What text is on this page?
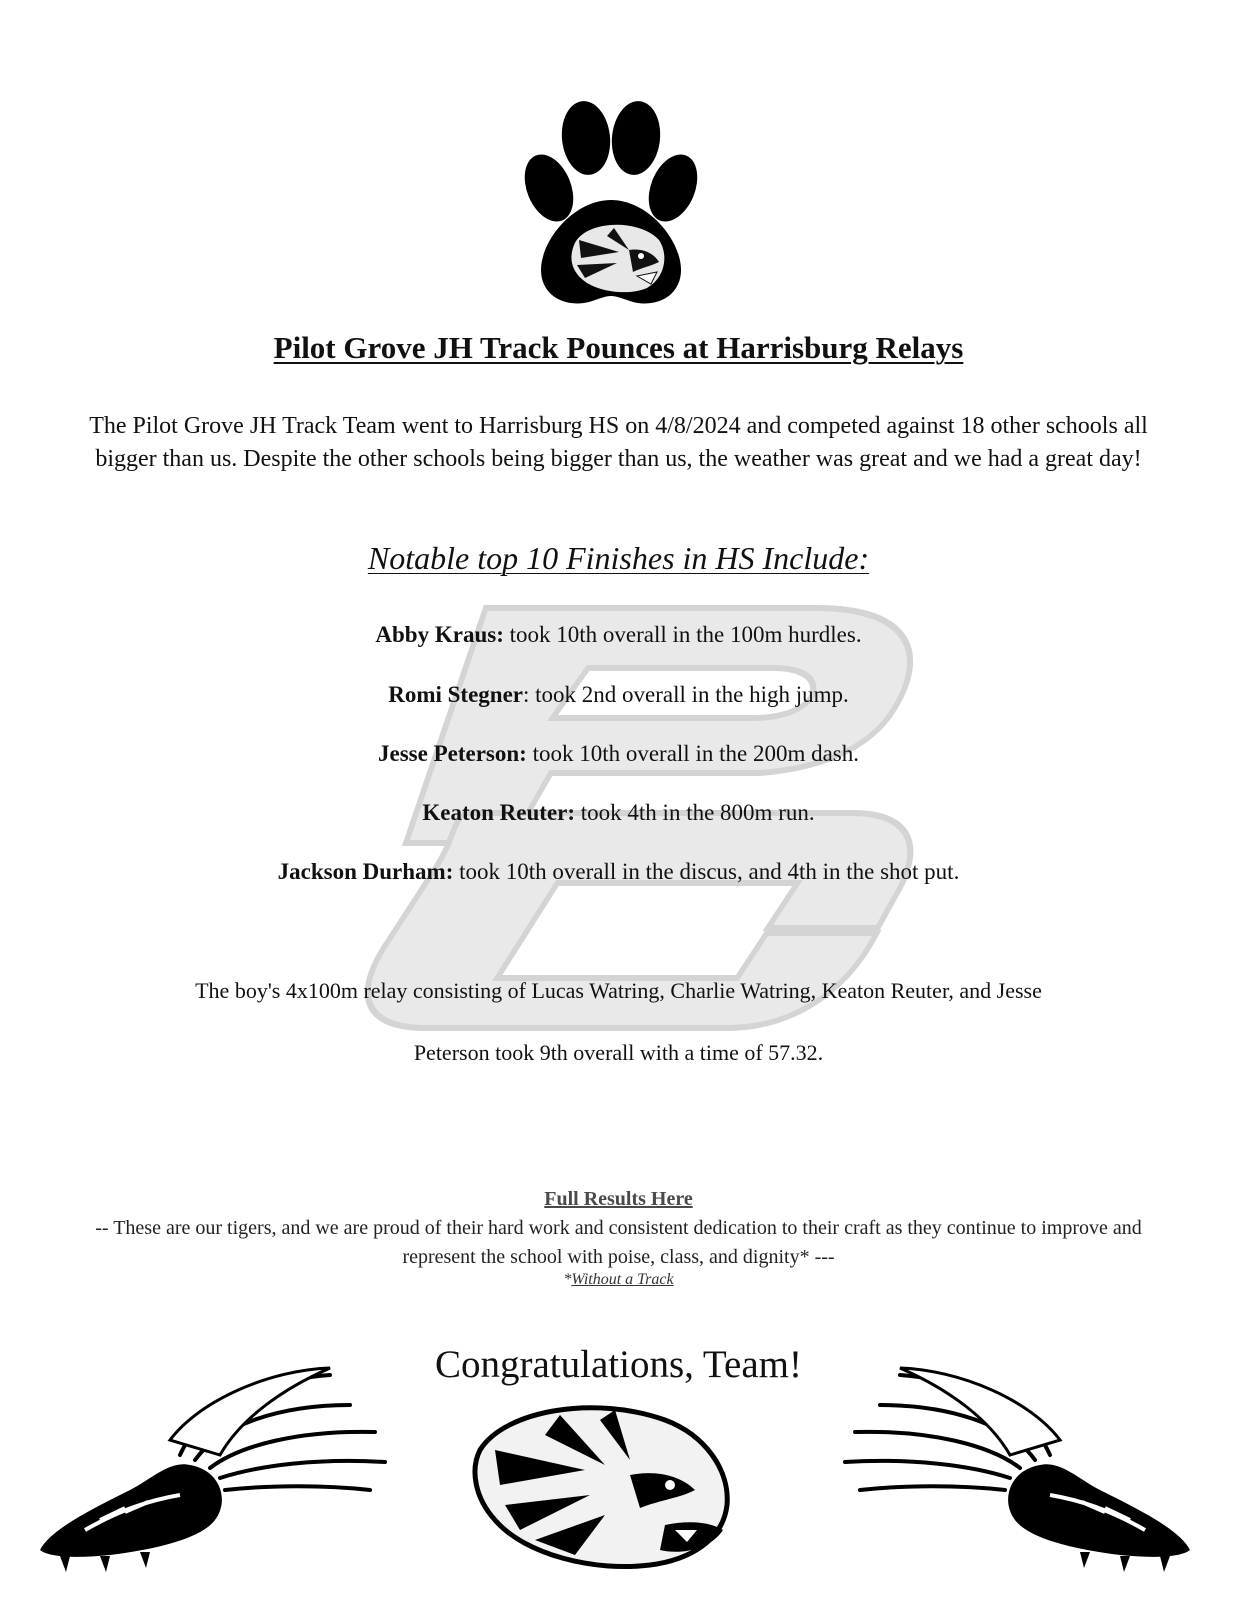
Pilot Grove JH Track Pounces at Harrisburg Relays
The Pilot Grove JH Track Team went to Harrisburg HS on 4/8/2024 and competed against 18 other schools all bigger than us. Despite the other schools being bigger than us, the weather was great and we had a great day!
Notable top 10 Finishes in HS Include:
Abby Kraus: took 10th overall in the 100m hurdles.
Romi Stegner: took 2nd overall in the high jump.
Jesse Peterson: took 10th overall in the 200m dash.
Keaton Reuter: took 4th in the 800m run.
Jackson Durham: took 10th overall in the discus, and 4th in the shot put.
The boy's 4x100m relay consisting of Lucas Watring, Charlie Watring, Keaton Reuter, and Jesse
Peterson took 9th overall with a time of 57.32.
Full Results Here
-- These are our tigers, and we are proud of their hard work and consistent dedication to their craft as they continue to improve and represent the school with poise, class, and dignity* ---
*Without a Track
Congratulations, Team!
